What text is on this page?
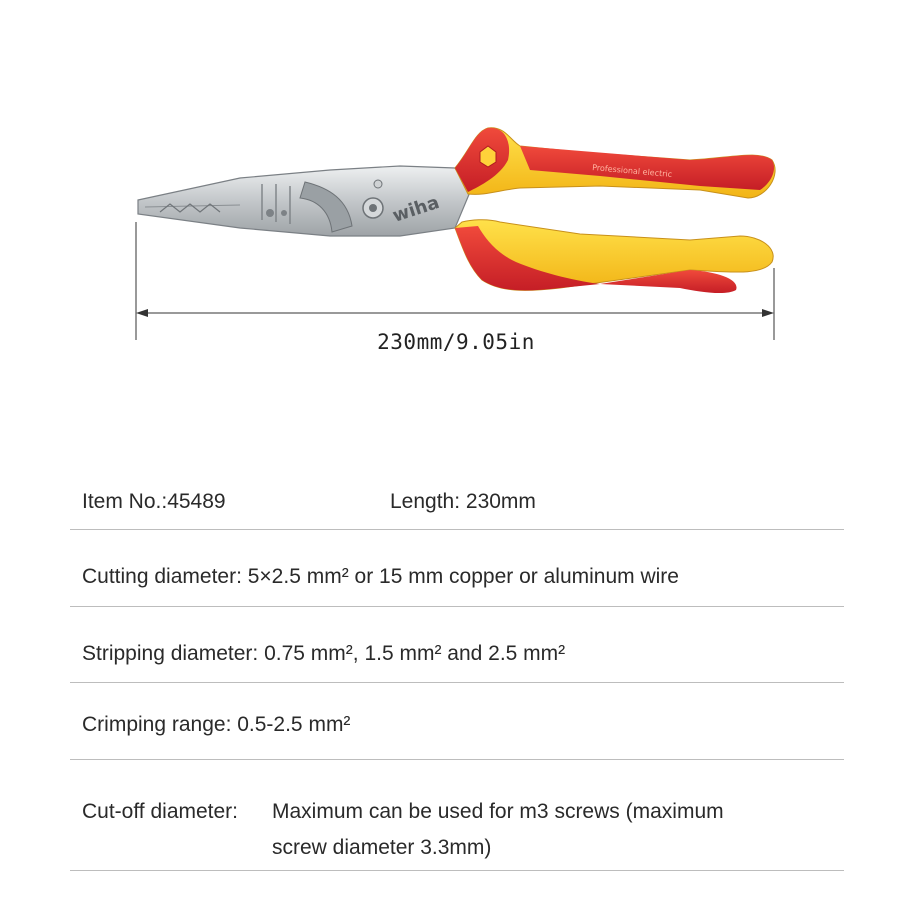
wiha
Professional electric
230mm/9.05in
Item No.:45489	Length: 230mm
Cutting diameter: 5×2.5 mm² or 15 mm copper or aluminum wire
Stripping diameter: 0.75 mm², 1.5 mm² and 2.5 mm²
Crimping range: 0.5-2.5 mm²
Cut-off diameter: Maximum can be used for m3 screws (maximum
screw diameter 3.3mm)
